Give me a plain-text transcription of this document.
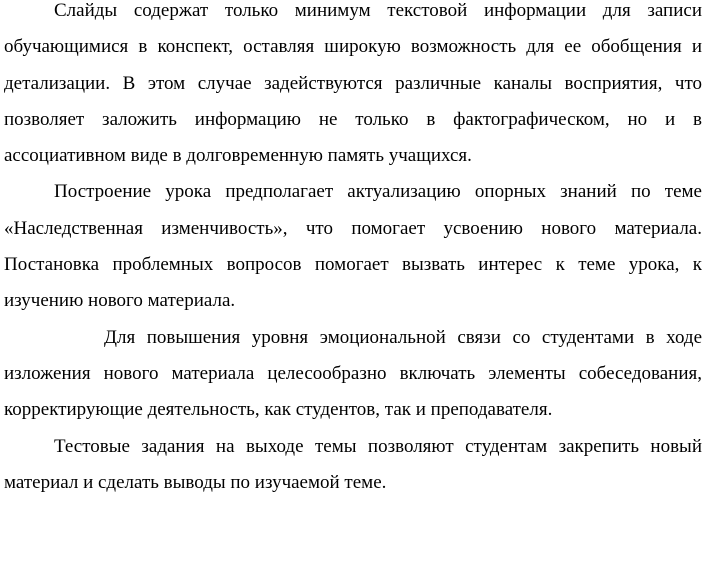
Слайды содержат только минимум текстовой информации для записи обучающимися в конспект, оставляя широкую возможность для ее обобщения и детализации. В этом случае задействуются различные каналы восприятия, что позволяет заложить информацию не только в фактографическом, но и в ассоциативном виде в долговременную память учащихся.

Построение урока предполагает актуализацию опорных знаний по теме «Наследственная изменчивость», что помогает усвоению нового материала. Постановка проблемных вопросов помогает вызвать интерес к теме урока, к изучению нового материала.

Для повышения уровня эмоциональной связи со студентами в ходе изложения нового материала целесообразно включать элементы собеседования, корректирующие деятельность, как студентов, так и преподавателя.

Тестовые задания на выходе темы позволяют студентам закрепить новый материал и сделать выводы по изучаемой теме.
